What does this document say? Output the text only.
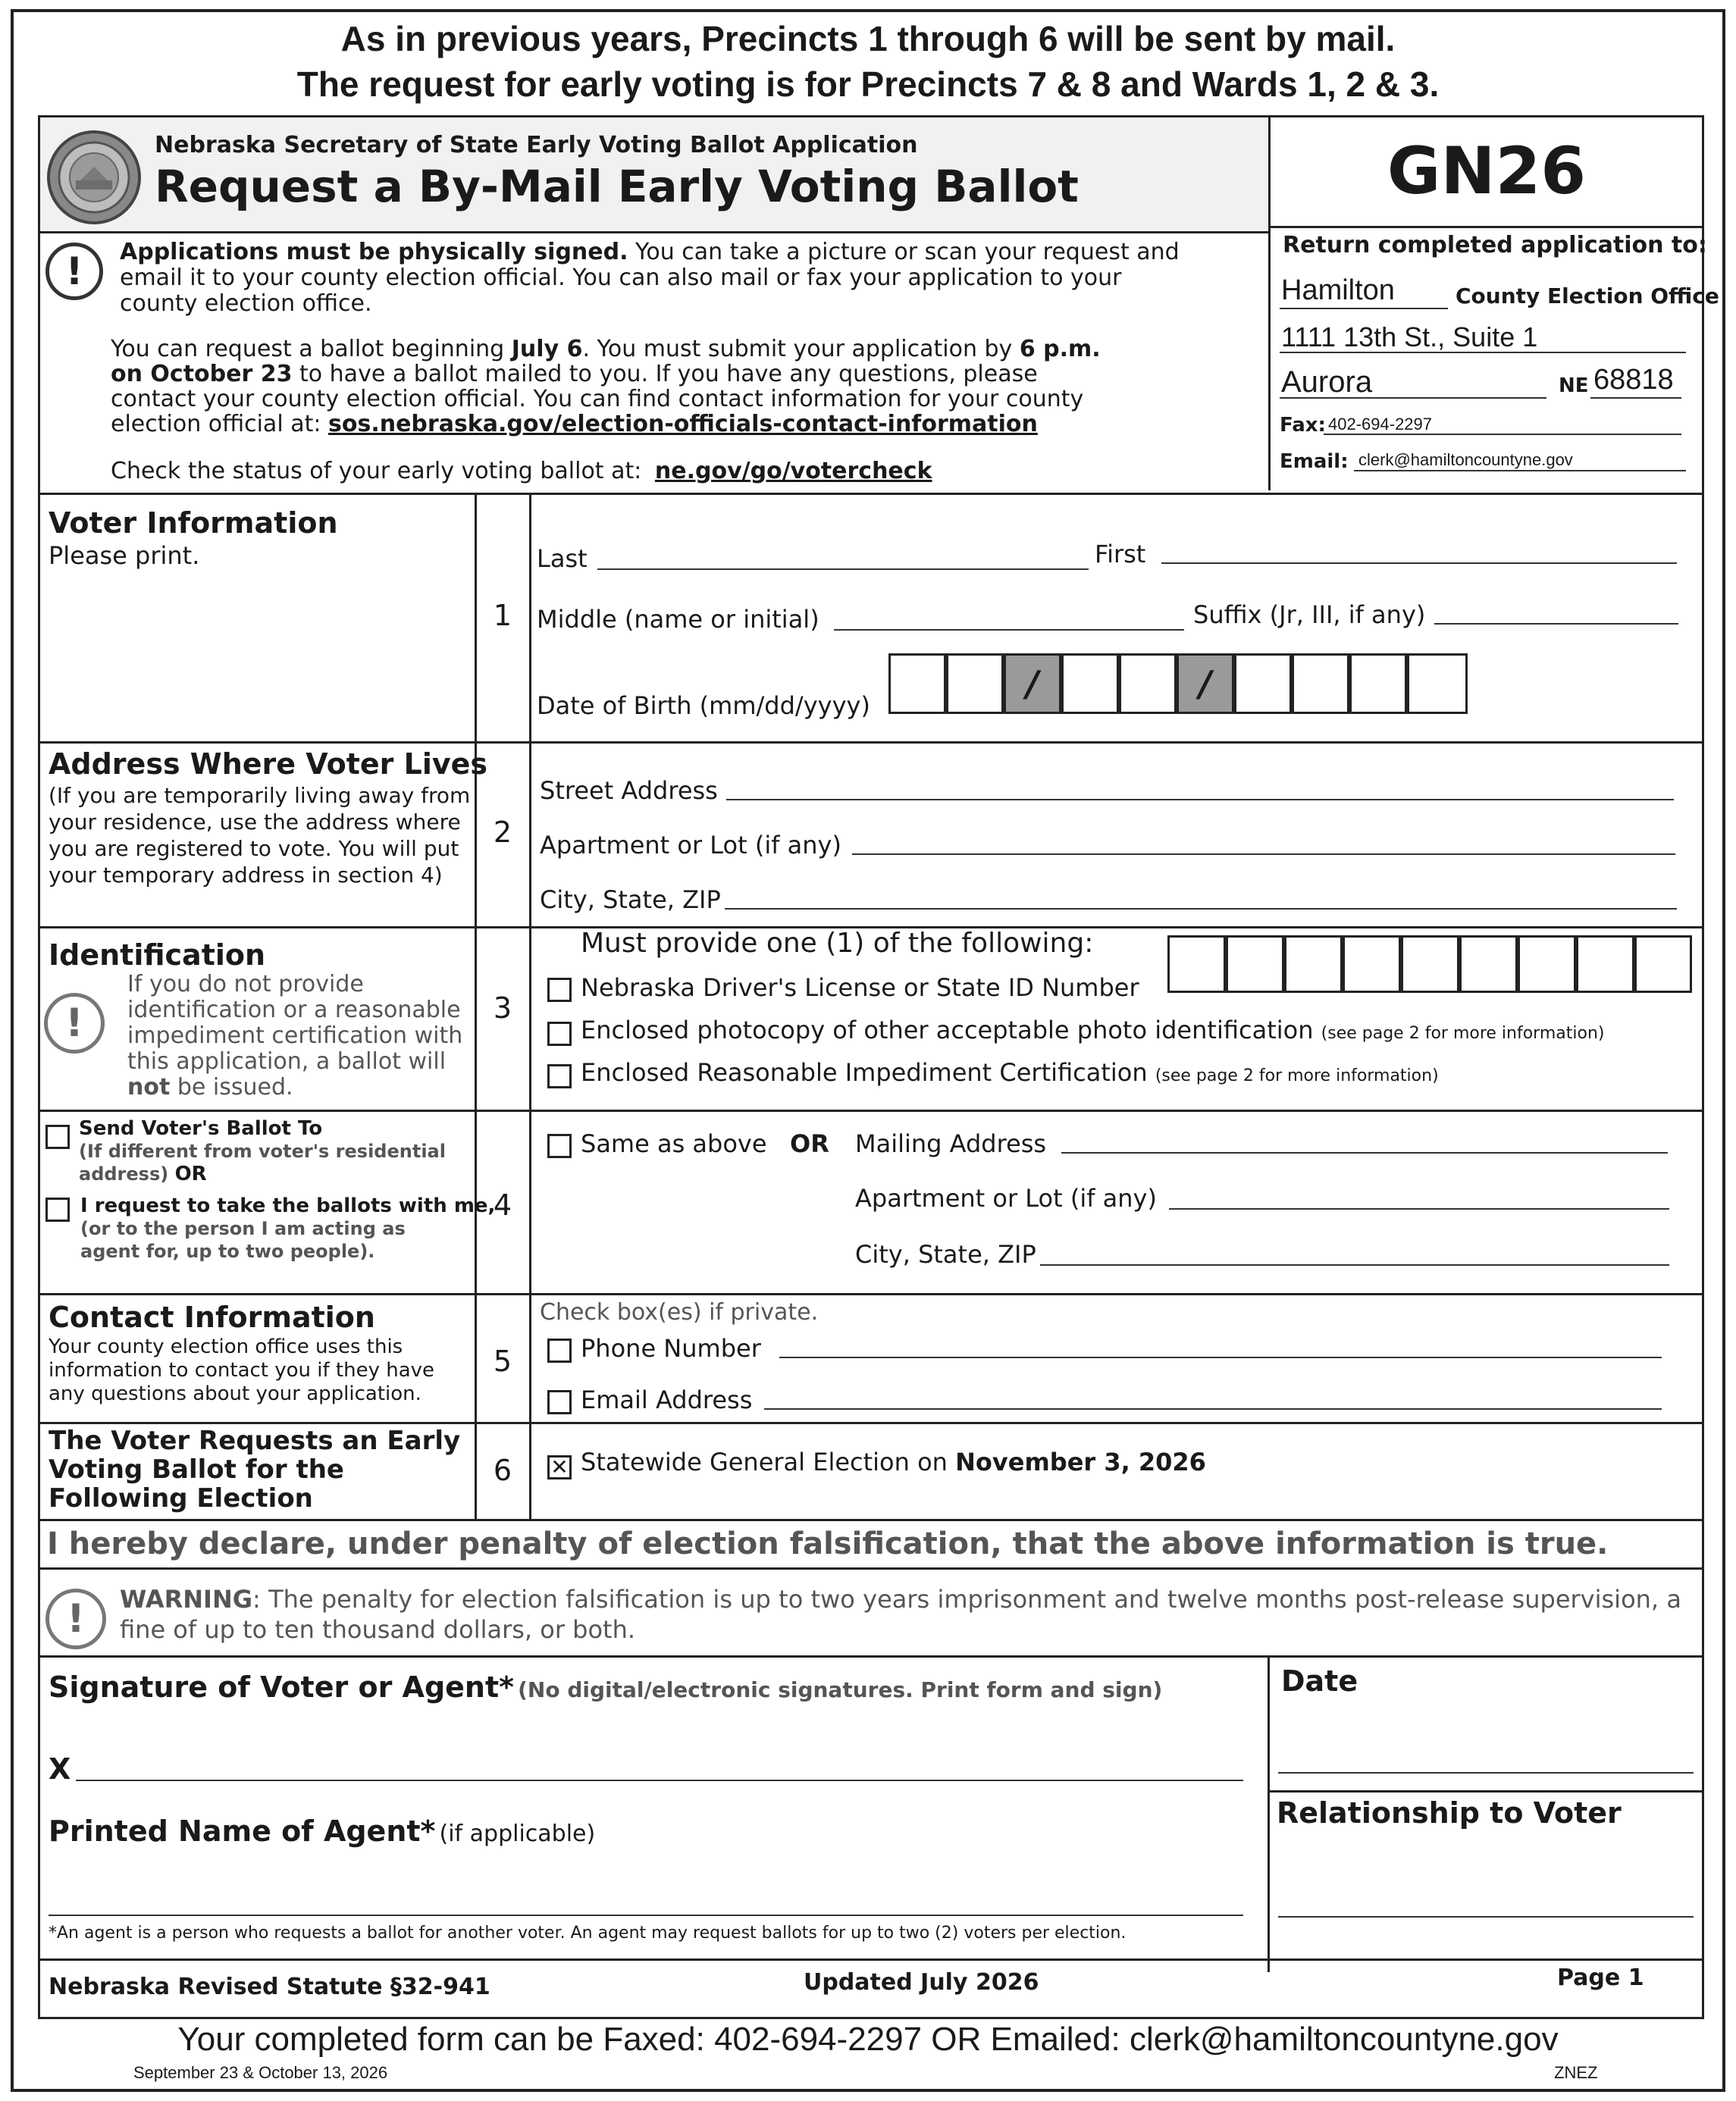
As in previous years, Precincts 1 through 6 will be sent by mail.
The request for early voting is for Precincts 7 & 8 and Wards 1, 2 & 3.
Nebraska Secretary of State Early Voting Ballot Application
Request a By-Mail Early Voting Ballot	GN26
!	Applications must be physically signed. You can take a picture or scan your request and email it to your county election official. You can also mail or fax your application to your county election office.
You can request a ballot beginning July 6. You must submit your application by 6 p.m. on October 23 to have a ballot mailed to you. If you have any questions, please contact your county election official. You can find contact information for your county election official at: sos.nebraska.gov/election-officials-contact-information
Check the status of your early voting ballot at: ne.gov/go/votercheck
Return completed application to:
Hamilton	County Election Office
1111 13th St., Suite 1
Aurora	NE 68818
Fax: 402-694-2297
Email: clerk@hamiltoncountyne.gov
Voter Information
Please print.
1
Last	First
Middle (name or initial)	Suffix (Jr, III, if any)
Date of Birth (mm/dd/yyyy)
/	/
Address Where Voter Lives
(If you are temporarily living away from your residence, use the address where you are registered to vote. You will put your temporary address in section 4)
2
Street Address
Apartment or Lot (if any)
City, State, ZIP
Identification
!
If you do not provide identification or a reasonable impediment certification with this application, a ballot will not be issued.
3
Must provide one (1) of the following:
Nebraska Driver's License or State ID Number
Enclosed photocopy of other acceptable photo identification (see page 2 for more information)
Enclosed Reasonable Impediment Certification (see page 2 for more information)
Send Voter's Ballot To
(If different from voter's residential address) OR
I request to take the ballots with me,
(or to the person I am acting as agent for, up to two people).
4
Same as above OR Mailing Address
Apartment or Lot (if any)
City, State, ZIP
Contact Information
Your county election office uses this information to contact you if they have any questions about your application.
5
Check box(es) if private.
Phone Number
Email Address
The Voter Requests an Early Voting Ballot for the Following Election
6	✕ Statewide General Election on November 3, 2026
I hereby declare, under penalty of election falsification, that the above information is true.
!	WARNING: The penalty for election falsification is up to two years imprisonment and twelve months post-release supervision, a fine of up to ten thousand dollars, or both.
Signature of Voter or Agent* (No digital/electronic signatures. Print form and sign)
X
Date
Printed Name of Agent* (if applicable)
*An agent is a person who requests a ballot for another voter. An agent may request ballots for up to two (2) voters per election.
Relationship to Voter
Nebraska Revised Statute §32-941	Updated July 2026	Page 1
Your completed form can be Faxed: 402-694-2297 OR Emailed: clerk@hamiltoncountyne.gov
September 23 & October 13, 2026	ZNEZ
